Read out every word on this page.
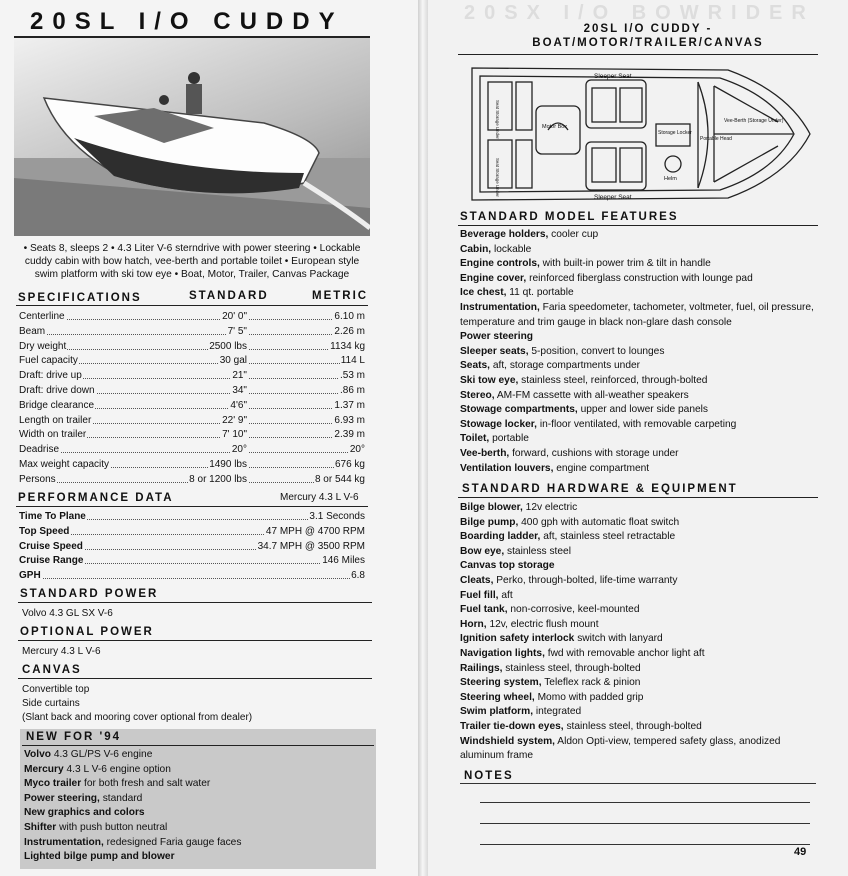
20SL I/O CUDDY
• Seats 8, sleeps 2 • 4.3 Liter V-6 sterndrive with power steering • Lockable cuddy cabin with bow hatch, vee-berth and portable toilet • European style swim platform with ski tow eye • Boat, Motor, Trailer, Canvas Package
SPECIFICATIONS	STANDARD	METRIC
Centerline	20' 0"	6.10 m
Beam	7' 5"	2.26 m
Dry weight	2500 lbs	1134 kg
Fuel capacity	30 gal	114 L
Draft: drive up	21"	.53 m
Draft: drive down	34"	.86 m
Bridge clearance	4'6"	1.37 m
Length on trailer	22' 9"	6.93 m
Width on trailer	7' 10"	2.39 m
Deadrise	20°	20°
Max weight capacity	1490 lbs	676 kg
Persons	8 or 1200 lbs	8 or 544 kg
PERFORMANCE DATA	Mercury 4.3 L V-6
Time To Plane	3.1 Seconds
Top Speed	47 MPH @ 4700 RPM
Cruise Speed	34.7 MPH @ 3500 RPM
Cruise Range	146 Miles
GPH	6.8
STANDARD POWER
Volvo 4.3 GL SX V-6
OPTIONAL POWER
Mercury 4.3 L V-6
CANVAS
Convertible top
Side curtains
(Slant back and mooring cover optional from dealer)
NEW FOR '94
Volvo 4.3 GL/PS V-6 engine
Mercury 4.3 L V-6 engine option
Myco trailer for both fresh and salt water
Power steering, standard
New graphics and colors
Shifter with push button neutral
Instrumentation, redesigned Faria gauge faces
Lighted bilge pump and blower
20SX I/O BOWRIDER
20SL I/O CUDDY -
BOAT/MOTOR/TRAILER/CANVAS
Sleeper Seat
Sleeper Seat
Seat Storage Under
Seat Storage Under
Motor Box
Storage Locker
Portable Head
Vee-Berth (Storage Under)
Helm
STANDARD MODEL FEATURES
Beverage holders, cooler cup
Cabin, lockable
Engine controls, with built-in power trim & tilt in handle
Engine cover, reinforced fiberglass construction with lounge pad
Ice chest, 11 qt. portable
Instrumentation, Faria speedometer, tachometer, voltmeter, fuel, oil pressure,
temperature and trim gauge in black non-glare dash console
Power steering
Sleeper seats, 5-position, convert to lounges
Seats, aft, storage compartments under
Ski tow eye, stainless steel, reinforced, through-bolted
Stereo, AM-FM cassette with all-weather speakers
Stowage compartments, upper and lower side panels
Stowage locker, in-floor ventilated, with removable carpeting
Toilet, portable
Vee-berth, forward, cushions with storage under
Ventilation louvers, engine compartment
STANDARD HARDWARE & EQUIPMENT
Bilge blower, 12v electric
Bilge pump, 400 gph with automatic float switch
Boarding ladder, aft, stainless steel retractable
Bow eye, stainless steel
Canvas top storage
Cleats, Perko, through-bolted, life-time warranty
Fuel fill, aft
Fuel tank, non-corrosive, keel-mounted
Horn, 12v, electric flush mount
Ignition safety interlock switch with lanyard
Navigation lights, fwd with removable anchor light aft
Railings, stainless steel, through-bolted
Steering system, Teleflex rack & pinion
Steering wheel, Momo with padded grip
Swim platform, integrated
Trailer tie-down eyes, stainless steel, through-bolted
Windshield system, Aldon Opti-view, tempered safety glass, anodized
aluminum frame
NOTES
49
